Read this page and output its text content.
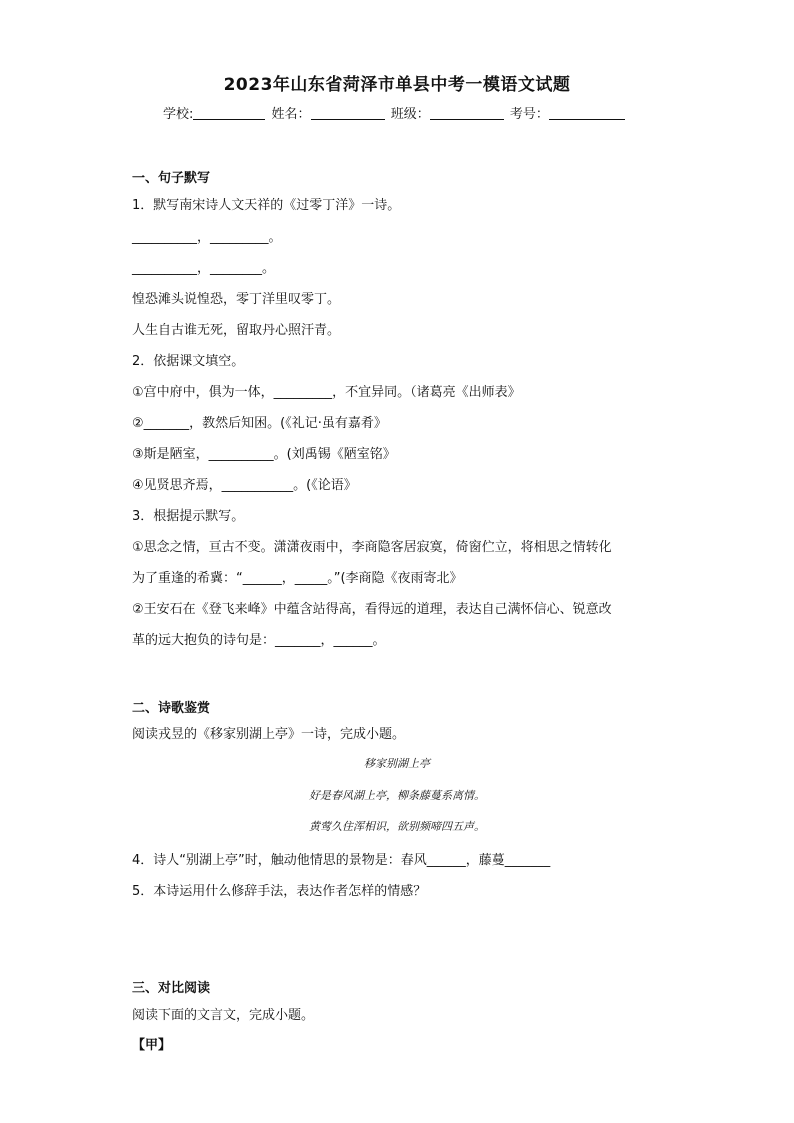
2023年山东省菏泽市单县中考一模语文试题
学校:	姓名：	班级：	考号：
一、句子默写
1．默写南宋诗人文天祥的《过零丁洋》一诗。
__________，_________。
__________，________。
惶恐滩头说惶恐，零丁洋里叹零丁。
人生自古谁无死，留取丹心照汗青。
2．依据课文填空。
①宫中府中，俱为一体，_________，不宜异同。（诸葛亮《出师表》
②_______，教然后知困。(《礼记·虽有嘉肴》
③斯是陋室，__________。(刘禹锡《陋室铭》
④见贤思齐焉，___________。(《论语》
3．根据提示默写。
①思念之情，亘古不变。潇潇夜雨中，李商隐客居寂寞，倚窗伫立，将相思之情转化
为了重逢的希冀：“______，_____。”(李商隐《夜雨寄北》
②王安石在《登飞来峰》中蕴含站得高，看得远的道理，表达自己满怀信心、锐意改
革的远大抱负的诗句是：_______，______。
二、诗歌鉴赏
阅读戎昱的《移家别湖上亭》一诗，完成小题。
移家别湖上亭
好是春风湖上亭，柳条藤蔓系离情。
黄莺久住浑相识，欲别频啼四五声。
4．诗人“别湖上亭”时，触动他情思的景物是：春风______，藤蔓_______
5．本诗运用什么修辞手法，表达作者怎样的情感？
三、对比阅读
阅读下面的文言文，完成小题。
【甲】
